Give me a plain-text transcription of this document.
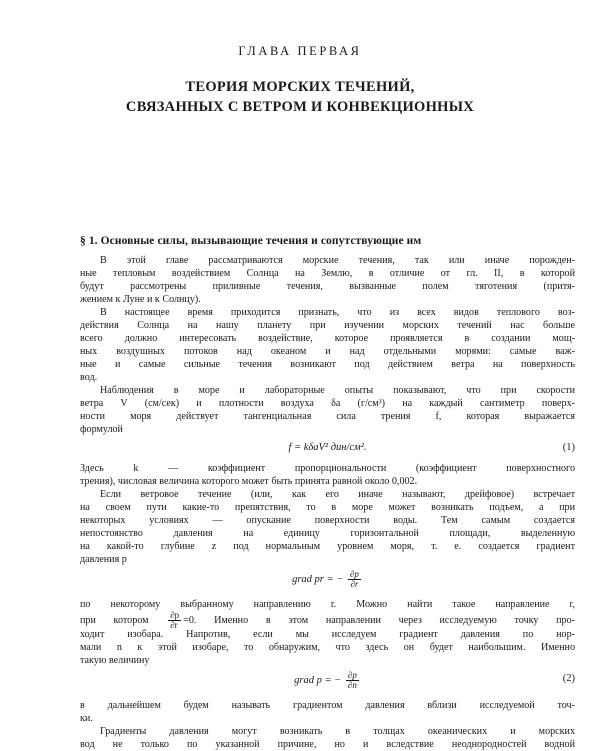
ГЛАВА ПЕРВАЯ
ТЕОРИЯ МОРСКИХ ТЕЧЕНИЙ,
СВЯЗАННЫХ С ВЕТРОМ И КОНВЕКЦИОННЫХ
§ 1. Основные силы, вызывающие течения и сопутствующие им
В этой главе рассматриваются морские течения, так или иначе порожден-
ные тепловым воздействием Солнца на Землю, в отличие от гл. II, в которой
будут рассмотрены приливные течения, вызванные полем тяготения (притя-
жением к Луне и к Солнцу).
В настоящее время приходится признать, что из всех видов теплового воз-
действия Солнца на нашу планету при изучении морских течений нас больше
всего должно интересовать воздействие, которое проявляется в создании мощ-
ных воздушных потоков над океаном и над отдельными морями: самые важ-
ные и самые сильные течения возникают под действием ветра на поверхность
вод.
Наблюдения в море и лабораторные опыты показывают, что при скорости
ветра V (см/сек) и плотности воздуха δa (г/см³) на каждый сантиметр поверх-
ности моря действует тангенциальная сила трения f, которая выражается
формулой
f = kδaV² дин/см².	(1)
Здесь k — коэффициент пропорциональности (коэффициент поверхностного
трения), числовая величина которого может быть принята равной около 0,002.
Если ветровое течение (или, как его иначе называют, дрейфовое) встречает
на своем пути какие-то препятствия, то в море может возникать подъем, а при
некоторых условиях — опускание поверхности воды. Тем самым создается
непостоянство давления на единицу горизонтальной площади, выделенную
на какой-то глубине z под нормальным уровнем моря, т. е. создается градиент
давления p
grad pr = − $\frac{\partial p}{\partial r}$
по некоторому выбранному направлению r. Можно найти такое направление r,
при котором $\frac{\partial p}{\partial r} =0$. Именно в этом направлении через исследуемую точку про-
ходит изобара. Напротив, если мы исследуем градиент давления по нор-
мали n к этой изобаре, то обнаружим, что здесь он будет наибольшим. Именно
такую величину
grad p = − $\frac{\partial p}{\partial n}$	(2)
в дальнейшем будем называть градиентом давления вблизи исследуемой точ-
ки.
Градиенты давления могут возникать в толщах океанических и морских
вод не только по указанной причине, но и вследствие неоднородностей водной
